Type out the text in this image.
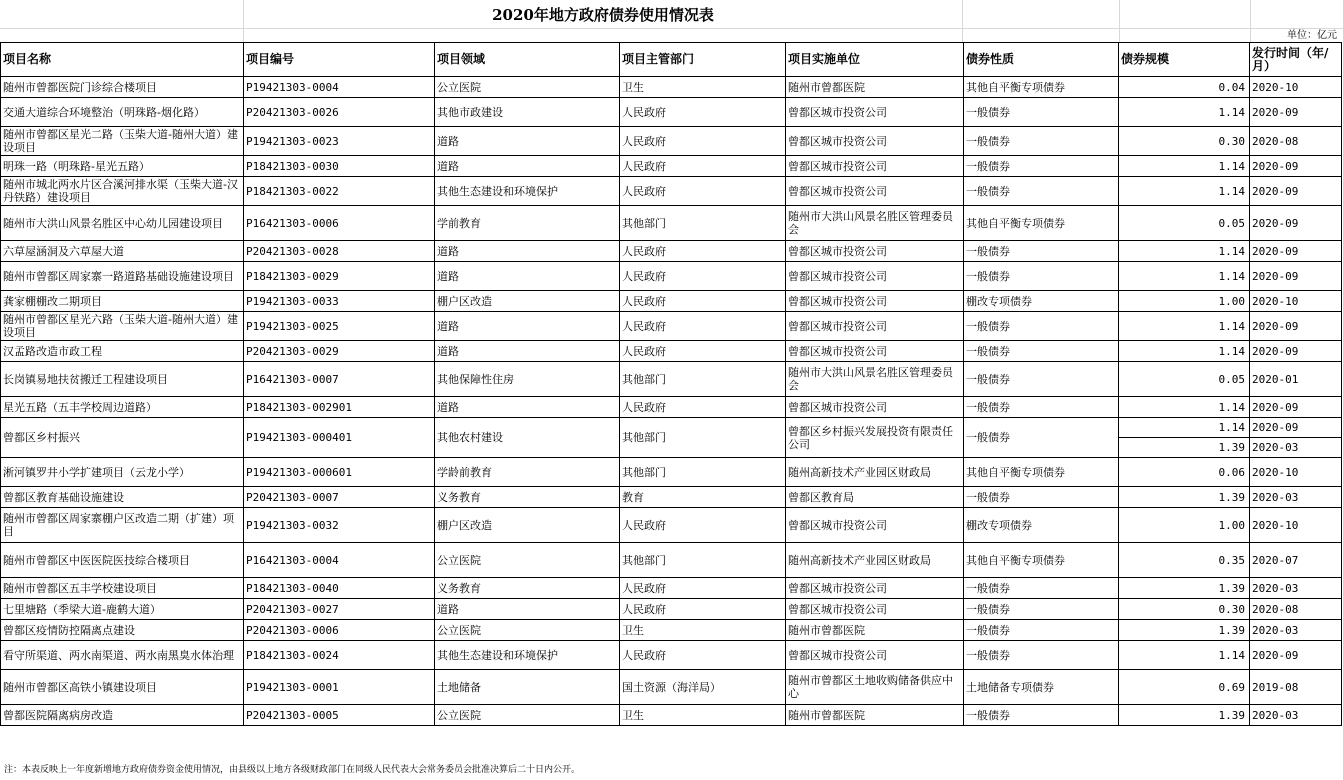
2020年地方政府债券使用情况表
单位：亿元
项目名称	项目编号	项目领域	项目主管部门	项目实施单位	债券性质	债券规模	发行时间（年/月）
随州市曾都医院门诊综合楼项目	P19421303-0004	公立医院	卫生	随州市曾都医院	其他自平衡专项债券	0.04	2020-10
交通大道综合环境整治（明珠路-烟化路）	P20421303-0026	其他市政建设	人民政府	曾都区城市投资公司	一般债券	1.14	2020-09
随州市曾都区星光二路（玉柴大道-随州大道）建设项目	P19421303-0023	道路	人民政府	曾都区城市投资公司	一般债券	0.30	2020-08
明珠一路（明珠路-星光五路）	P18421303-0030	道路	人民政府	曾都区城市投资公司	一般债券	1.14	2020-09
随州市城北两水片区合溪河排水渠（玉柴大道-汉丹铁路）建设项目	P18421303-0022	其他生态建设和环境保护	人民政府	曾都区城市投资公司	一般债券	1.14	2020-09
随州市大洪山风景名胜区中心幼儿园建设项目	P16421303-0006	学前教育	其他部门	随州市大洪山风景名胜区管理委员会	其他自平衡专项债券	0.05	2020-09
六草屋涵洞及六草屋大道	P20421303-0028	道路	人民政府	曾都区城市投资公司	一般债券	1.14	2020-09
随州市曾都区周家寨一路道路基础设施建设项目	P18421303-0029	道路	人民政府	曾都区城市投资公司	一般债券	1.14	2020-09
龚家棚棚改二期项目	P19421303-0033	棚户区改造	人民政府	曾都区城市投资公司	棚改专项债券	1.00	2020-10
随州市曾都区星光六路（玉柴大道-随州大道）建设项目	P19421303-0025	道路	人民政府	曾都区城市投资公司	一般债券	1.14	2020-09
汉孟路改造市政工程	P20421303-0029	道路	人民政府	曾都区城市投资公司	一般债券	1.14	2020-09
长岗镇易地扶贫搬迁工程建设项目	P16421303-0007	其他保障性住房	其他部门	随州市大洪山风景名胜区管理委员会	一般债券	0.05	2020-01
星光五路（五丰学校周边道路）	P18421303-002901	道路	人民政府	曾都区城市投资公司	一般债券	1.14	2020-09
曾都区乡村振兴	P19421303-000401	其他农村建设	其他部门	曾都区乡村振兴发展投资有限责任公司	一般债券	1.14	2020-09
						1.39	2020-03
淅河镇罗井小学扩建项目（云龙小学）	P19421303-000601	学龄前教育	其他部门	随州高新技术产业园区财政局	其他自平衡专项债券	0.06	2020-10
曾都区教育基础设施建设	P20421303-0007	义务教育	教育	曾都区教育局	一般债券	1.39	2020-03
随州市曾都区周家寨棚户区改造二期（扩建）项目	P19421303-0032	棚户区改造	人民政府	曾都区城市投资公司	棚改专项债券	1.00	2020-10
随州市曾都区中医医院医技综合楼项目	P16421303-0004	公立医院	其他部门	随州高新技术产业园区财政局	其他自平衡专项债券	0.35	2020-07
随州市曾都区五丰学校建设项目	P18421303-0040	义务教育	人民政府	曾都区城市投资公司	一般债券	1.39	2020-03
七里塘路（季梁大道-鹿鹤大道）	P20421303-0027	道路	人民政府	曾都区城市投资公司	一般债券	0.30	2020-08
曾都区疫情防控隔离点建设	P20421303-0006	公立医院	卫生	随州市曾都医院	一般债券	1.39	2020-03
看守所渠道、两水南渠道、两水南黑臭水体治理	P18421303-0024	其他生态建设和环境保护	人民政府	曾都区城市投资公司	一般债券	1.14	2020-09
随州市曾都区高铁小镇建设项目	P19421303-0001	土地储备	国土资源（海洋局）	随州市曾都区土地收购储备供应中心	土地储备专项债券	0.69	2019-08
曾都医院隔离病房改造	P20421303-0005	公立医院	卫生	随州市曾都医院	一般债券	1.39	2020-03
注：本表反映上一年度新增地方政府债券资金使用情况，由县级以上地方各级财政部门在同级人民代表大会常务委员会批准决算后二十日内公开。
